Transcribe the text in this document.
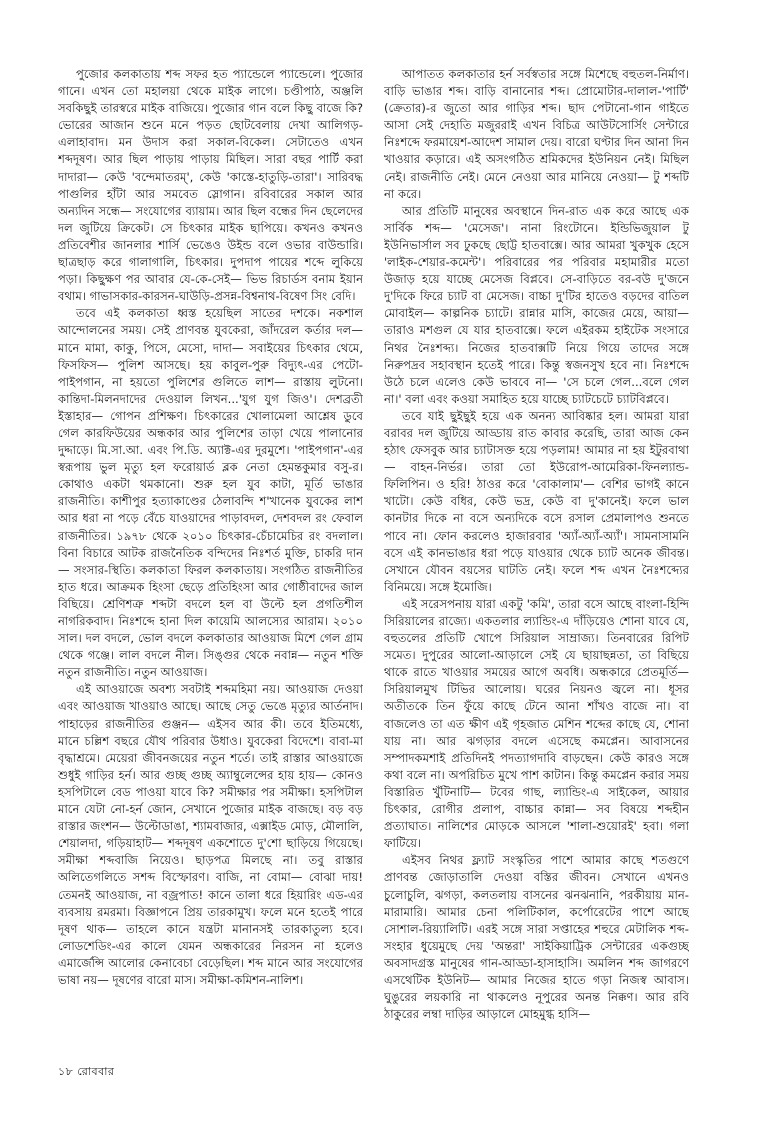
পুজোর কলকাতায় শব্দ সফর হত প্যান্ডেলে প্যান্ডেলে। পুজোর গানে। এখন তো মহালয়া থেকে মাইক লাগে। চণ্ডীপাঠ, অঞ্জলি সবকিছুই তারস্বরে মাইক বাজিয়ে। পুজোর গান বলে কিছু বাজে কি? ভোরের আজান শুনে মনে পড়ত ছোটবেলায় দেখা আলিগড়-এলাহাবাদ। মন উদাস করা সকাল-বিকেল। সেটাতেও এখন শব্দদূষণ। আর ছিল পাড়ায় পাড়ায় মিছিল। সারা বছর পার্টি করা দাদারা— কেউ 'বন্দেমাতরম্', কেউ 'কাস্তে-হাতুড়ি-তারা'। সারিবদ্ধ পাগুলির হাঁটা আর সমবেত স্লোগান। রবিবারের সকাল আর অন্যদিন সন্ধে— সংযোগের ব্যায়াম। আর ছিল বন্ধের দিন ছেলেদের দল জুটিয়ে ক্রিকেট। সে চিৎকার মাইক ছাপিয়ে। কখনও কখনও প্রতিবেশীর জানলার শার্সি ভেঙেও উইন্ড বলে ওভার বাউন্ডারি। ছাত্রছাড় করে গালাগালি, চিৎকার। দুপদাপ পায়ের শব্দে লুকিয়ে পড়া। কিছুক্ষণ পর আবার যে-কে-সেই— ভিভ রিচার্ডস বনাম ইয়ান বথাম। গাভাসকার-কারসন-ঘাউড়ি-প্রসন্ন-বিশ্বনাথ-বিষেণ সিং বেদি।

তবে এই কলকাতা ধ্বস্ত হয়েছিল সাতের দশকে। নকশাল আন্দোলনের সময়। সেই প্রাণবন্ত যুবকেরা, জাঁদরেল কর্তার দল— মানে মামা, কাকু, পিসে, মেসো, দাদা— সবাইয়ের চিৎকার থেমে, ফিসফিস— পুলিশ আসছে। হয় কাবুল-পুরু বিদ্যুৎ-এর পেটো-পাইপগান, না হয়তো পুলিশের গুলিতে লাশ— রাস্তায় লুটনো। কান্তিদা-মিলনদাদের দেওয়াল লিখন...'যুগ যুগ জিও'। দেশব্রতী ইস্তাহার— গোপন প্রশিক্ষণ। চিৎকারের খোলামেলা আশ্লেষ ডুবে গেল কারফিউয়ের অন্ধকার আর পুলিশের তাড়া খেয়ে পালানোর দুদ্দাড়ে। মি.সা.আ. এবং পি.ডি. অ্যাক্ট-এর দুরমুশে। 'পাইপগান'-এর স্বরূপায় ভুল মৃত্যু হল ফরোয়ার্ড ব্লক নেতা হেমন্তকুমার বসু-র। কোথাও একটা থমকানো। শুরু হল যুব কাটা, মূর্তি ভাঙার রাজনীতি। কাশীপুর হত্যাকাণ্ডের ঠেলাবন্দি শ'খানেক যুবকের লাশ আর ধরা না পড়ে বেঁচে যাওয়াদের পাড়াবদল, দেশবদল রং ফেবাল রাজনীতির। ১৯৭৮ থেকে ২০১০ চিৎকার-চেঁচামেচির রং বদলাল। বিনা বিচারে আটক রাজনৈতিক বন্দিদের নিঃশর্ত মুক্তি, চাকরি দান— সংসার-স্থিতি। কলকাতা ফিরল কলকাতায়। সংগঠিত রাজনীতির হাত ধরে। আক্রমক হিংসা ছেড়ে প্রতিহিংসা আর গোষ্ঠীবাদের জাল বিছিয়ে। শ্রেণিশত্রু শব্দটা বদলে হল বা উল্টে হল প্রগতিশীল নাগরিকবাদ। নিঃশব্দে হানা দিল কায়েমি আলস্যের আরাম। ২০১০ সাল। দল বদলে, ভোল বদলে কলকাতার আওয়াজ মিশে গেল গ্রাম থেকে গঞ্জে। লাল বদলে নীল। সিঙ্গুর থেকে নবান্ন— নতুন শক্তি নতুন রাজনীতি। নতুন আওয়াজ।

এই আওয়াজে অবশ্য সবটাই শব্দমহিমা নয়। আওয়াজ দেওয়া এবং আওয়াজ খাওয়াও আছে। আছে সেতু ভেঙে মৃত্যুর আর্তনাদ। পাহাড়ের রাজনীতির গুঞ্জন— এইসব আর কী। তবে ইতিমধ্যে, মানে চল্লিশ বছরে যৌথ পরিবার উধাও। যুবকেরা বিদেশে। বাবা-মা বৃদ্ধাশ্রমে। মেয়েরা জীবনজয়ের নতুন শর্তে। তাই রাস্তার আওয়াজে শুধুই গাড়ির হর্ন। আর গুচ্ছ গুচ্ছ অ্যাম্বুলেন্সের হায় হায়— কোনও হসপিটালে বেড পাওয়া যাবে কি? সমীক্ষার পর সমীক্ষা। হসপিটাল মানে যেটা নো-হর্ন জোন, সেখানে পুজোর মাইক বাজছে। বড় বড় রাস্তার জংশন— উল্টোডাঙা, শ্যামবাজার, এক্সাইড মোড়, মৌলালি, শেয়ালদা, গড়িয়াহাট— শব্দদূষণ একশোতে দু'শো ছাড়িয়ে গিয়েছে। সমীক্ষা শব্দবাজি নিয়েও। ছাড়পত্র মিলছে না। তবু রাস্তার অলিতেগলিতে সশব্দ বিস্ফোরণ। বাজি, না বোমা— বোঝা দায়! তেমনই আওয়াজ, না বজ্রপাত! কানে তালা ধরে হিয়ারিং এড-এর ব্যবসায় রমরমা। বিজ্ঞাপনে প্রিয় তারকামুখ। ফলে মনে হতেই পারে দূষণ থাক— তাহলে কানে যন্ত্রটা মানানসই তারকাতুল্য হবে। লোডশেডিং-এর কালে যেমন অন্ধকারের নিরসন না হলেও এমার্জেন্সি আলোর কেনাবেচা বেড়েছিল। শব্দ মানে আর সংযোগের ভাষা নয়— দূষণের বারো মাস। সমীক্ষা-কমিশন-নালিশ।

আপাতত কলকাতার হর্ন সর্বস্বতার সঙ্গে মিশেছে বহুতল-নির্মাণ। বাড়ি ভাঙার শব্দ। বাড়ি বানানোর শব্দ। প্রোমোটার-দালাল-'পার্টি' (ক্রেতার)-র জুতো আর গাড়ির শব্দ। ছাদ পেটানো-গান গাইতে আসা সেই দেহাতি মজুররাই এখন বিচিত্র আউটসোর্সিং সেন্টারে নিঃশব্দে ফরমায়েশ-আদেশ সামাল দেয়। বারো ঘণ্টার দিন আনা দিন খাওয়ার কড়ারে। এই অসংগঠিত শ্রমিকদের ইউনিয়ন নেই। মিছিল নেই। রাজনীতি নেই। মেনে নেওয়া আর মানিয়ে নেওয়া— টু শব্দটি না করে।

আর প্রতিটি মানুষের অবস্থানে দিন-রাত এক করে আছে এক সার্বিক শব্দ— 'মেসেজ'। নানা রিংটোনে। ইন্ডিভিজুয়াল টু ইউনিভার্সাল সব ঢুকছে ছোট্ট হাতবাক্সে। আর আমরা খুকখুক হেসে 'লাইক-শেয়ার-কমেন্ট'। পরিবারের পর পরিবার মহামারীর মতো উজাড় হয়ে যাচ্ছে মেসেজ বিপ্লবে। সে-বাড়িতে বর-বউ দু'জনে দু'দিকে ফিরে চ্যাট বা মেসেজ। বাচ্চা দু'টির হাতেও বড়দের বাতিল মোবাইল— কাল্পনিক চ্যাটে। রান্নার মাসি, কাজের মেয়ে, আয়া— তারাও মশগুল যে যার হাতবাক্সে। ফলে এইরকম হাইটেক সংসারে নিথর নৈঃশব্দ্য। নিজের হাতবাক্সটি নিয়ে গিয়ে তাদের সঙ্গে নিরুপদ্রব সহাবস্থান হতেই পারে। কিন্তু স্বজনসুখ হবে না। নিঃশব্দে উঠে চলে এলেও কেউ ভাববে না— 'সে চলে গেল...বলে গেল না।' বলা এবং কওয়া সমাহিত হয়ে যাচ্ছে চ্যাটচেটে চ্যাটবিপ্লবে।

তবে যাই ছুইছুই হয়ে এক অনন্য আবিষ্কার হল। আমরা যারা বরাবর দল জুটিয়ে আড্ডায় রাত কাবার করেছি, তারা আজ কেন হঠাৎ ফেসবুক আর চ্যাটাসক্ত হয়ে পড়লাম! আমার না হয় ইটুরবাথা— বাহন-নির্ভর। তারা তো ইউরোপ-আমেরিকা-ফিনল্যান্ড-ফিলিপিন। ও হরি! ঠাওর করে 'বোকালাম'— বেশির ভাগই কানে খাটো। কেউ বধির, কেউ ভদ্র, কেউ বা দু'কানেই। ফলে ভাল কানটার দিকে না বসে অন্যদিকে বসে রসাল প্রেমালাপও শুনতে পাবে না। ফোন করলেও হাজারবার 'অ্যাঁ-অ্যাঁ-অ্যাঁ'। সামনাসামনি বসে এই কানভাঙার ধরা পড়ে যাওয়ার থেকে চ্যাট অনেক জীবন্ত। সেখানে যৌবন বয়সের ঘাটতি নেই। ফলে শব্দ এখন নৈঃশব্দ্যের বিনিময়ে। সঙ্গে ইমোজি।

এই সরেসপনায় যারা একটু 'কমি', তারা বসে আছে বাংলা-হিন্দি সিরিয়ালের রাজ্যে। একতলার ল্যান্ডিং-এ দাঁড়িয়েও শোনা যাবে যে, বহুতলের প্রতিটি খোপে সিরিয়াল সাম্রাজ্য। তিনবারের রিপিট সমেত। দুপুরের আলো-আড়ালে সেই যে ছায়াছন্নতা, তা বিছিয়ে থাকে রাতে খাওয়ার সময়ের আগে অবধি। অন্ধকারে প্রেতমূর্তি— সিরিয়ালমুখ টিভির আলোয়। ঘরের নিয়নও জ্বলে না। ধূসর অতীতকে তিন ফুঁয়ে কাছে টেনে আনা শাঁখও বাজে না। বা বাজলেও তা এত ক্ষীণ এই গৃহজাত মেশিন শব্দের কাছে যে, শোনা যায় না। আর ঝগড়ার বদলে এসেছে কমপ্লেন। আবাসনের সম্পাদকমশাই প্রতিদিনই পদত্যাগদাবি বাড়ছেন। কেউ কারও সঙ্গে কথা বলে না। অপরিচিত মুখে পাশ কাটান। কিন্তু কমপ্লেন করার সময় বিস্তারিত খুঁটিনাটি— টবের গাছ, ল্যান্ডিং-এ সাইকেল, আয়ার চিৎকার, রোগীর প্রলাপ, বাচ্চার কান্না— সব বিষয়ে শব্দহীন প্রত্যাঘাত। নালিশের মোড়কে আসলে 'শালা-শুয়োরই' হবা। গলা ফাটিয়ে।

এইসব নিথর ফ্ল্যাট সংস্কৃতির পাশে আমার কাছে শতগুণে প্রাণবন্ত জোড়াতালি দেওয়া বস্তির জীবন। সেখানে এখনও চুলোচুলি, ঝগড়া, কলতলায় বাসনের ঝনঝনানি, পরকীয়ায় মান-মারামারি। আমার চেনা পলিটিকাল, কর্পোরেটের পাশে আছে সোশাল-রিয়্যালিটি। এরই সঙ্গে সারা সপ্তাহের শহুরে মেটালিক শব্দ-সংহার ধুয়েমুছে দেয় 'অন্তরা' সাইকিয়াট্রিক সেন্টারের একগুচ্ছ অবসাদগ্রস্ত মানুষের গান-আড্ডা-হাসাহাসি। অমলিন শব্দ জাগরণে এসথেটিক ইউনিট— আমার নিজের হাতে গড়া নিজস্ব আবাস। ঘুঙুরের লয়কারি না থাকলেও নূপুরের অনন্ত নিক্কণ। আর রবি ঠাকুরের লম্বা দাড়ির আড়ালে মোহমুগ্ধ হাসি—

১৮ রোববার
